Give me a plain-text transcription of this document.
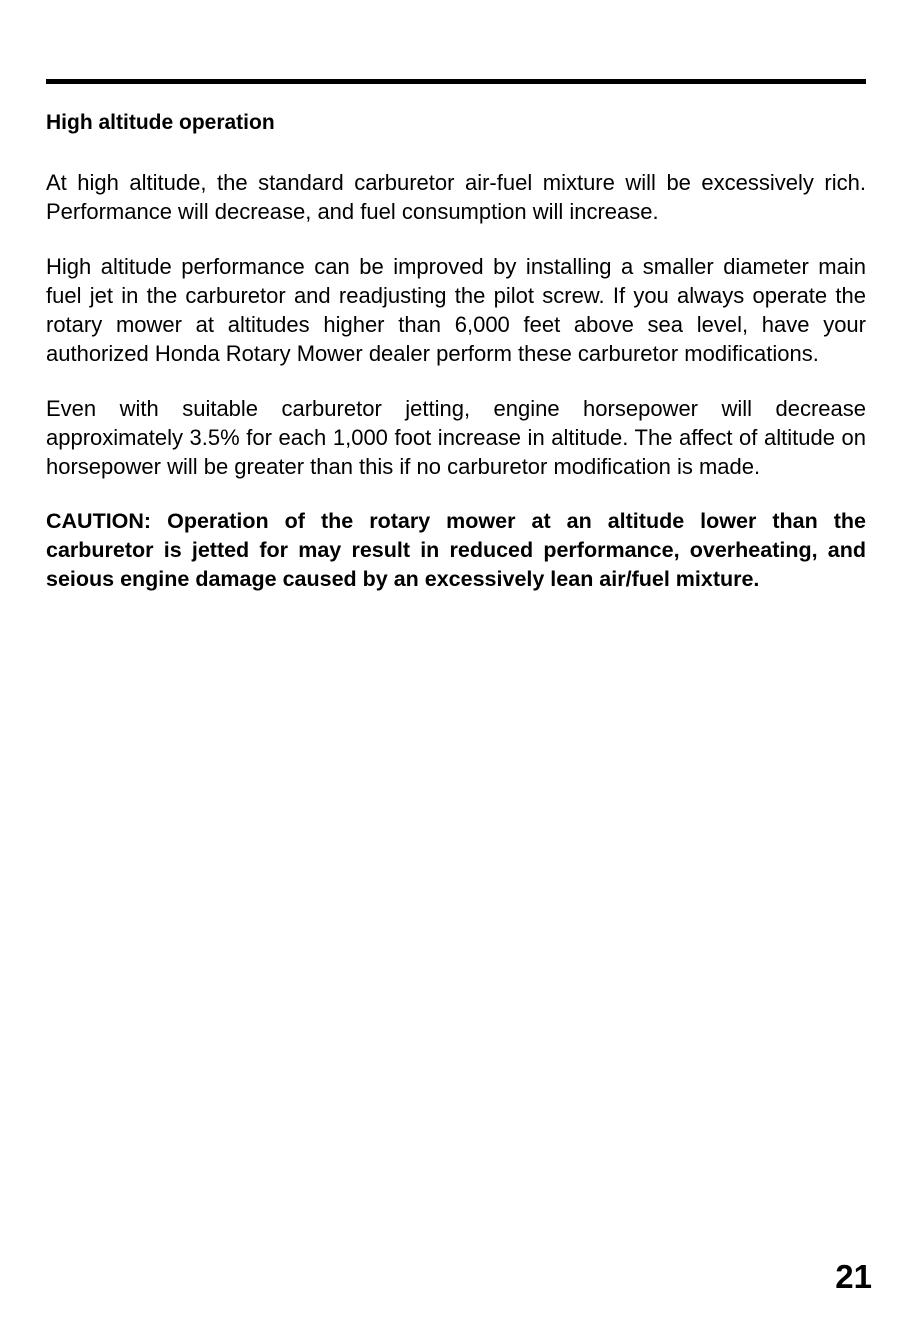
High altitude operation

At high altitude, the standard carburetor air-fuel mixture will be excessively rich. Performance will decrease, and fuel consumption will increase.

High altitude performance can be improved by installing a smaller diameter main fuel jet in the carburetor and readjusting the pilot screw. If you always operate the rotary mower at altitudes higher than 6,000 feet above sea level, have your authorized Honda Rotary Mower dealer perform these carburetor modifications.

Even with suitable carburetor jetting, engine horsepower will decrease approximately 3.5% for each 1,000 foot increase in altitude. The affect of altitude on horsepower will be greater than this if no carburetor modification is made.

CAUTION: Operation of the rotary mower at an altitude lower than the carburetor is jetted for may result in reduced performance, overheating, and seious engine damage caused by an excessively lean air/fuel mixture.

21
